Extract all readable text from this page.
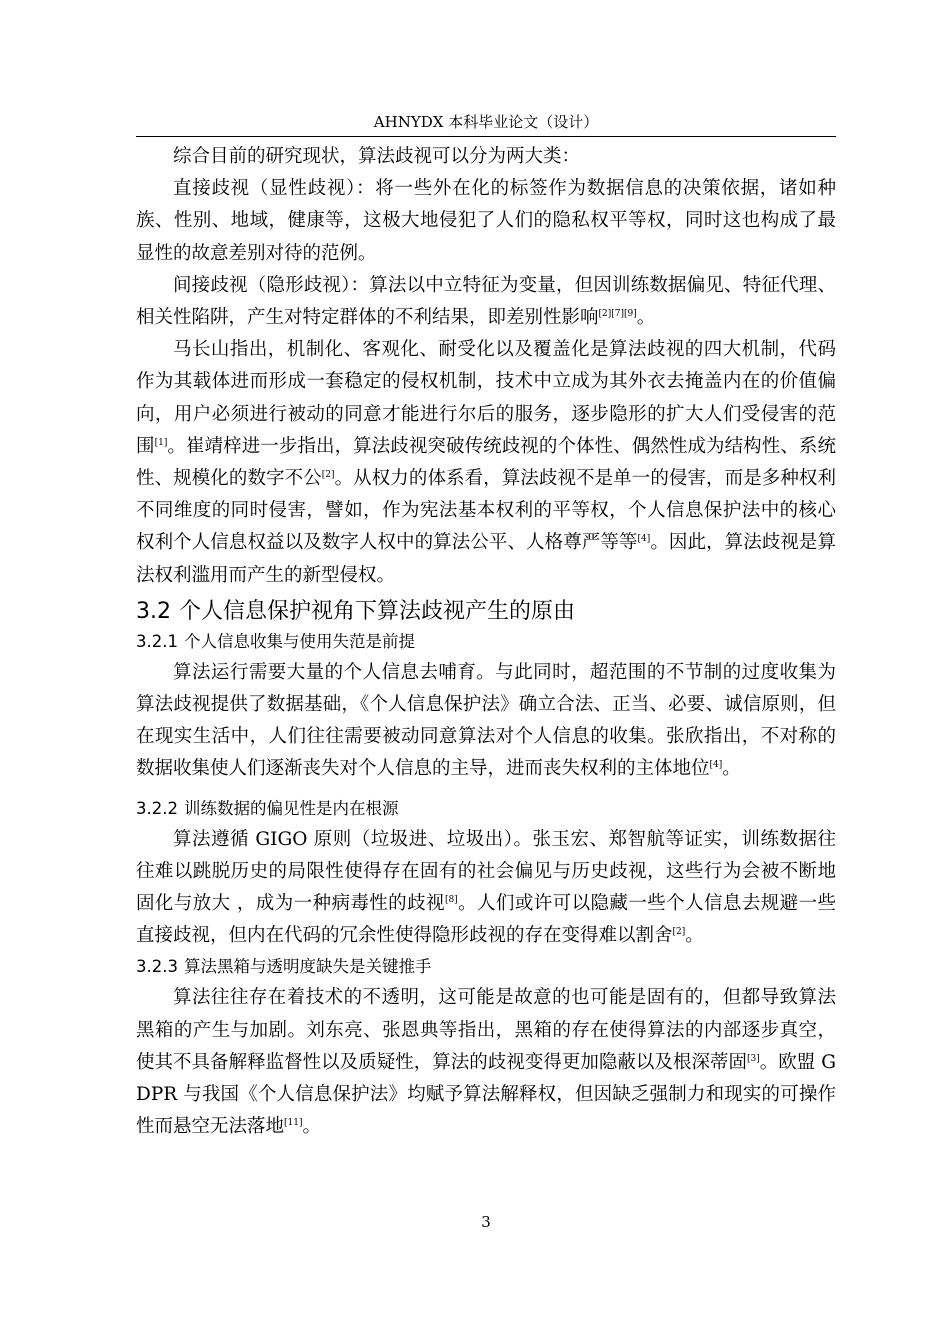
AHNYDX 本科毕业论文（设计）

综合目前的研究现状，算法歧视可以分为两大类：

直接歧视（显性歧视）：将一些外在化的标签作为数据信息的决策依据，诸如种族、性别、地域，健康等，这极大地侵犯了人们的隐私权平等权，同时这也构成了最显性的故意差别对待的范例。

间接歧视（隐形歧视）：算法以中立特征为变量，但因训练数据偏见、特征代理、相关性陷阱，产生对特定群体的不利结果，即差别性影响[2][7][9]。

马长山指出，机制化、客观化、耐受化以及覆盖化是算法歧视的四大机制，代码作为其载体进而形成一套稳定的侵权机制，技术中立成为其外衣去掩盖内在的价值偏向，用户必须进行被动的同意才能进行尔后的服务，逐步隐形的扩大人们受侵害的范围[1]。崔靖梓进一步指出，算法歧视突破传统歧视的个体性、偶然性成为结构性、系统性、规模化的数字不公[2]。从权力的体系看，算法歧视不是单一的侵害，而是多种权利不同维度的同时侵害，譬如，作为宪法基本权利的平等权，个人信息保护法中的核心权利个人信息权益以及数字人权中的算法公平、人格尊严等等[4]。因此，算法歧视是算法权利滥用而产生的新型侵权。

3.2 个人信息保护视角下算法歧视产生的原由
3.2.1 个人信息收集与使用失范是前提

算法运行需要大量的个人信息去哺育。与此同时，超范围的不节制的过度收集为算法歧视提供了数据基础，《个人信息保护法》确立合法、正当、必要、诚信原则，但在现实生活中，人们往往需要被动同意算法对个人信息的收集。张欣指出，不对称的数据收集使人们逐渐丧失对个人信息的主导，进而丧失权利的主体地位[4]。

3.2.2 训练数据的偏见性是内在根源

算法遵循 GIGO 原则（垃圾进、垃圾出）。张玉宏、郑智航等证实，训练数据往往难以跳脱历史的局限性使得存在固有的社会偏见与历史歧视，这些行为会被不断地固化与放大 ，成为一种病毒性的歧视[8]。人们或许可以隐藏一些个人信息去规避一些直接歧视，但内在代码的冗余性使得隐形歧视的存在变得难以割舍[2]。

3.2.3 算法黑箱与透明度缺失是关键推手

算法往往存在着技术的不透明，这可能是故意的也可能是固有的，但都导致算法黑箱的产生与加剧。刘东亮、张恩典等指出，黑箱的存在使得算法的内部逐步真空，使其不具备解释监督性以及质疑性，算法的歧视变得更加隐蔽以及根深蒂固[3]。欧盟 GDPR 与我国《个人信息保护法》均赋予算法解释权，但因缺乏强制力和现实的可操作性而悬空无法落地[11]。

3
